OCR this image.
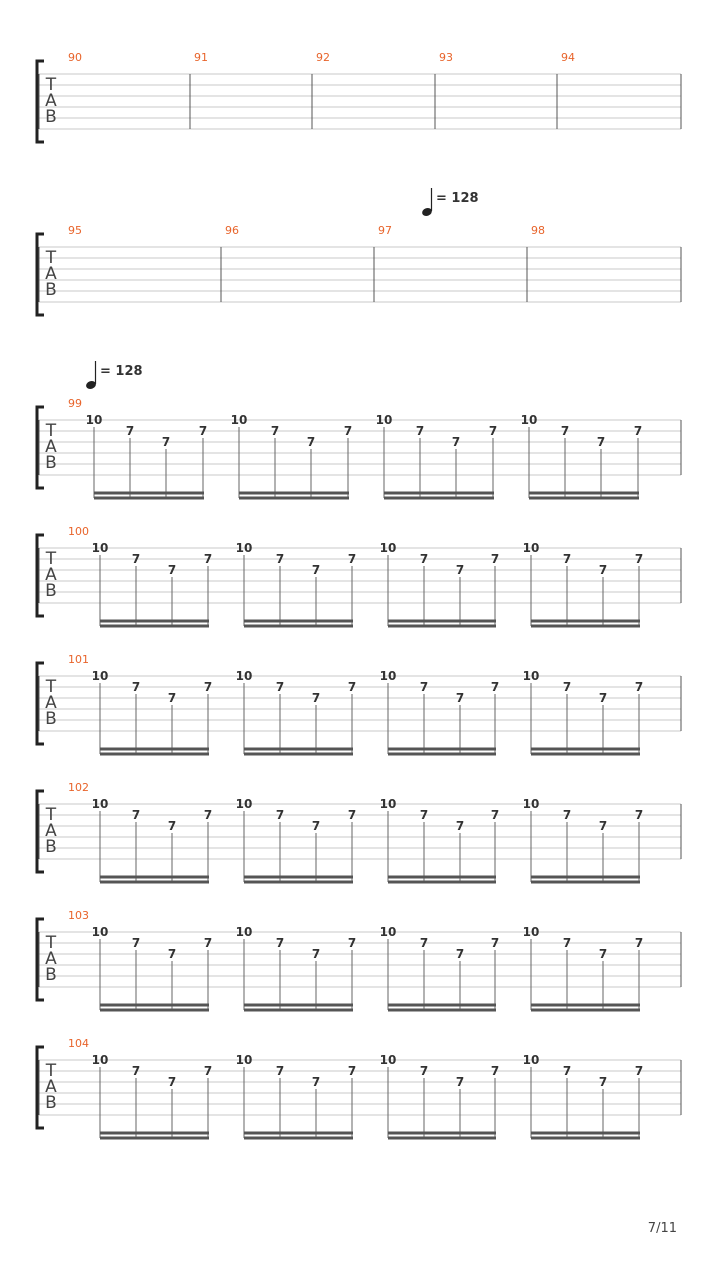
T
A
B
90	91	92	93	94
T
A
B
95	96	97	98
T
A
B
99
10
7
7
7
10
7
7
7
10
7
7
7
10
7
7
7
T
A
B
100
10
7
7
7
10
7
7
7
10
7
7
7
10
7
7
7
T
A
B
101
10
7
7
7
10
7
7
7
10
7
7
7
10
7
7
7
T
A
B
102
10
7
7
7
10
7
7
7
10
7
7
7
10
7
7
7
T
A
B
103
10
7
7
7
10
7
7
7
10
7
7
7
10
7
7
7
T
A
B
104
10
7
7
7
10
7
7
7
10
7
7
7
10
7
7
7
= 128
= 128
7/11
